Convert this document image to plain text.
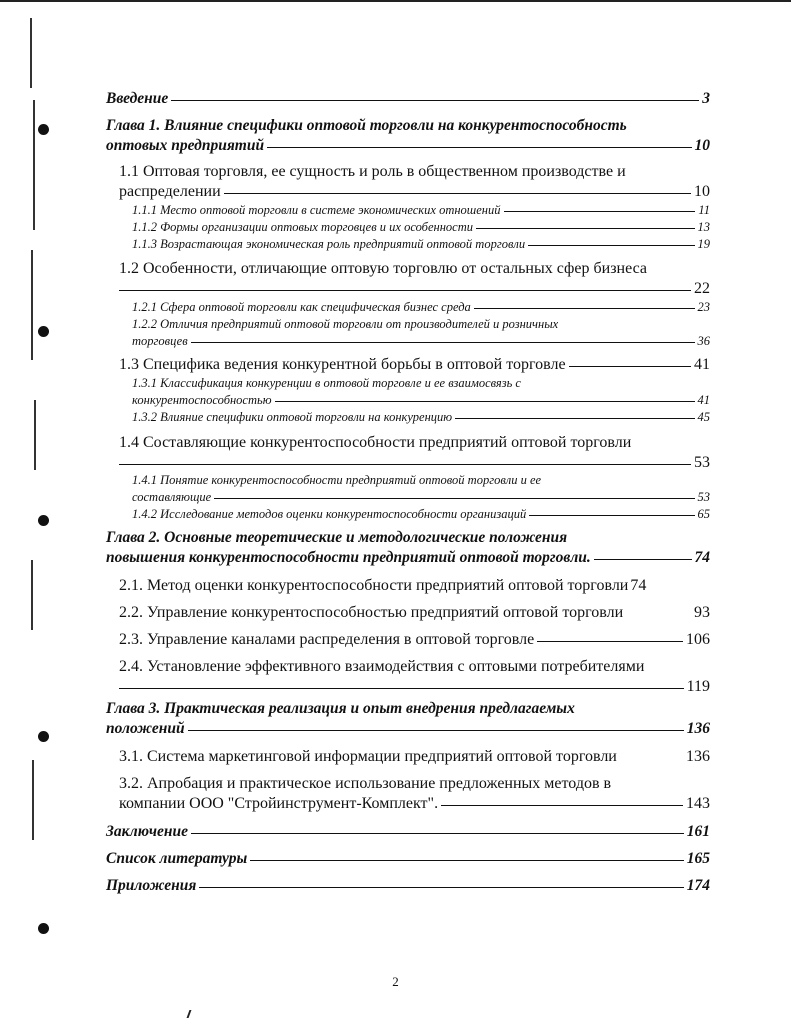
Введение	3
Глава 1. Влияние специфики оптовой торговли на конкурентоспособность
оптовых предприятий	10
1.1 Оптовая торговля, ее сущность и роль в общественном производстве и
распределении	10
1.1.1 Место оптовой торговли в системе экономических отношений	11
1.1.2 Формы организации оптовых торговцев и их особенности	13
1.1.3 Возрастающая экономическая роль предприятий оптовой торговли	19
1.2 Особенности, отличающие оптовую торговлю от остальных сфер бизнеса
22
1.2.1 Сфера оптовой торговли как специфическая бизнес среда	23
1.2.2 Отличия предприятий оптовой торговли от производителей и розничных
торговцев	36
1.3 Специфика ведения конкурентной борьбы в оптовой торговле	41
1.3.1 Классификация конкуренции в оптовой торговле и ее взаимосвязь с
конкурентоспособностью	41
1.3.2 Влияние специфики оптовой торговли на конкуренцию	45
1.4 Составляющие конкурентоспособности предприятий оптовой торговли
53
1.4.1 Понятие конкурентоспособности предприятий оптовой торговли и ее
составляющие	53
1.4.2 Исследование методов оценки конкурентоспособности организаций	65
Глава 2. Основные теоретические и методологические положения
повышения конкурентоспособности предприятий оптовой торговли.	74
2.1. Метод оценки конкурентоспособности предприятий оптовой торговли 74
2.2. Управление конкурентоспособностью предприятий оптовой торговли	93
2.3. Управление каналами распределения в оптовой торговле	106
2.4. Установление эффективного взаимодействия с оптовыми потребителями
119
Глава 3. Практическая реализация и опыт внедрения предлагаемых
положений	136
3.1. Система маркетинговой информации предприятий оптовой торговли	136
3.2. Апробация и практическое использование предложенных методов в
компании ООО "Стройинструмент-Комплект".	143
Заключение	161
Список литературы	165
Приложения	174
2
